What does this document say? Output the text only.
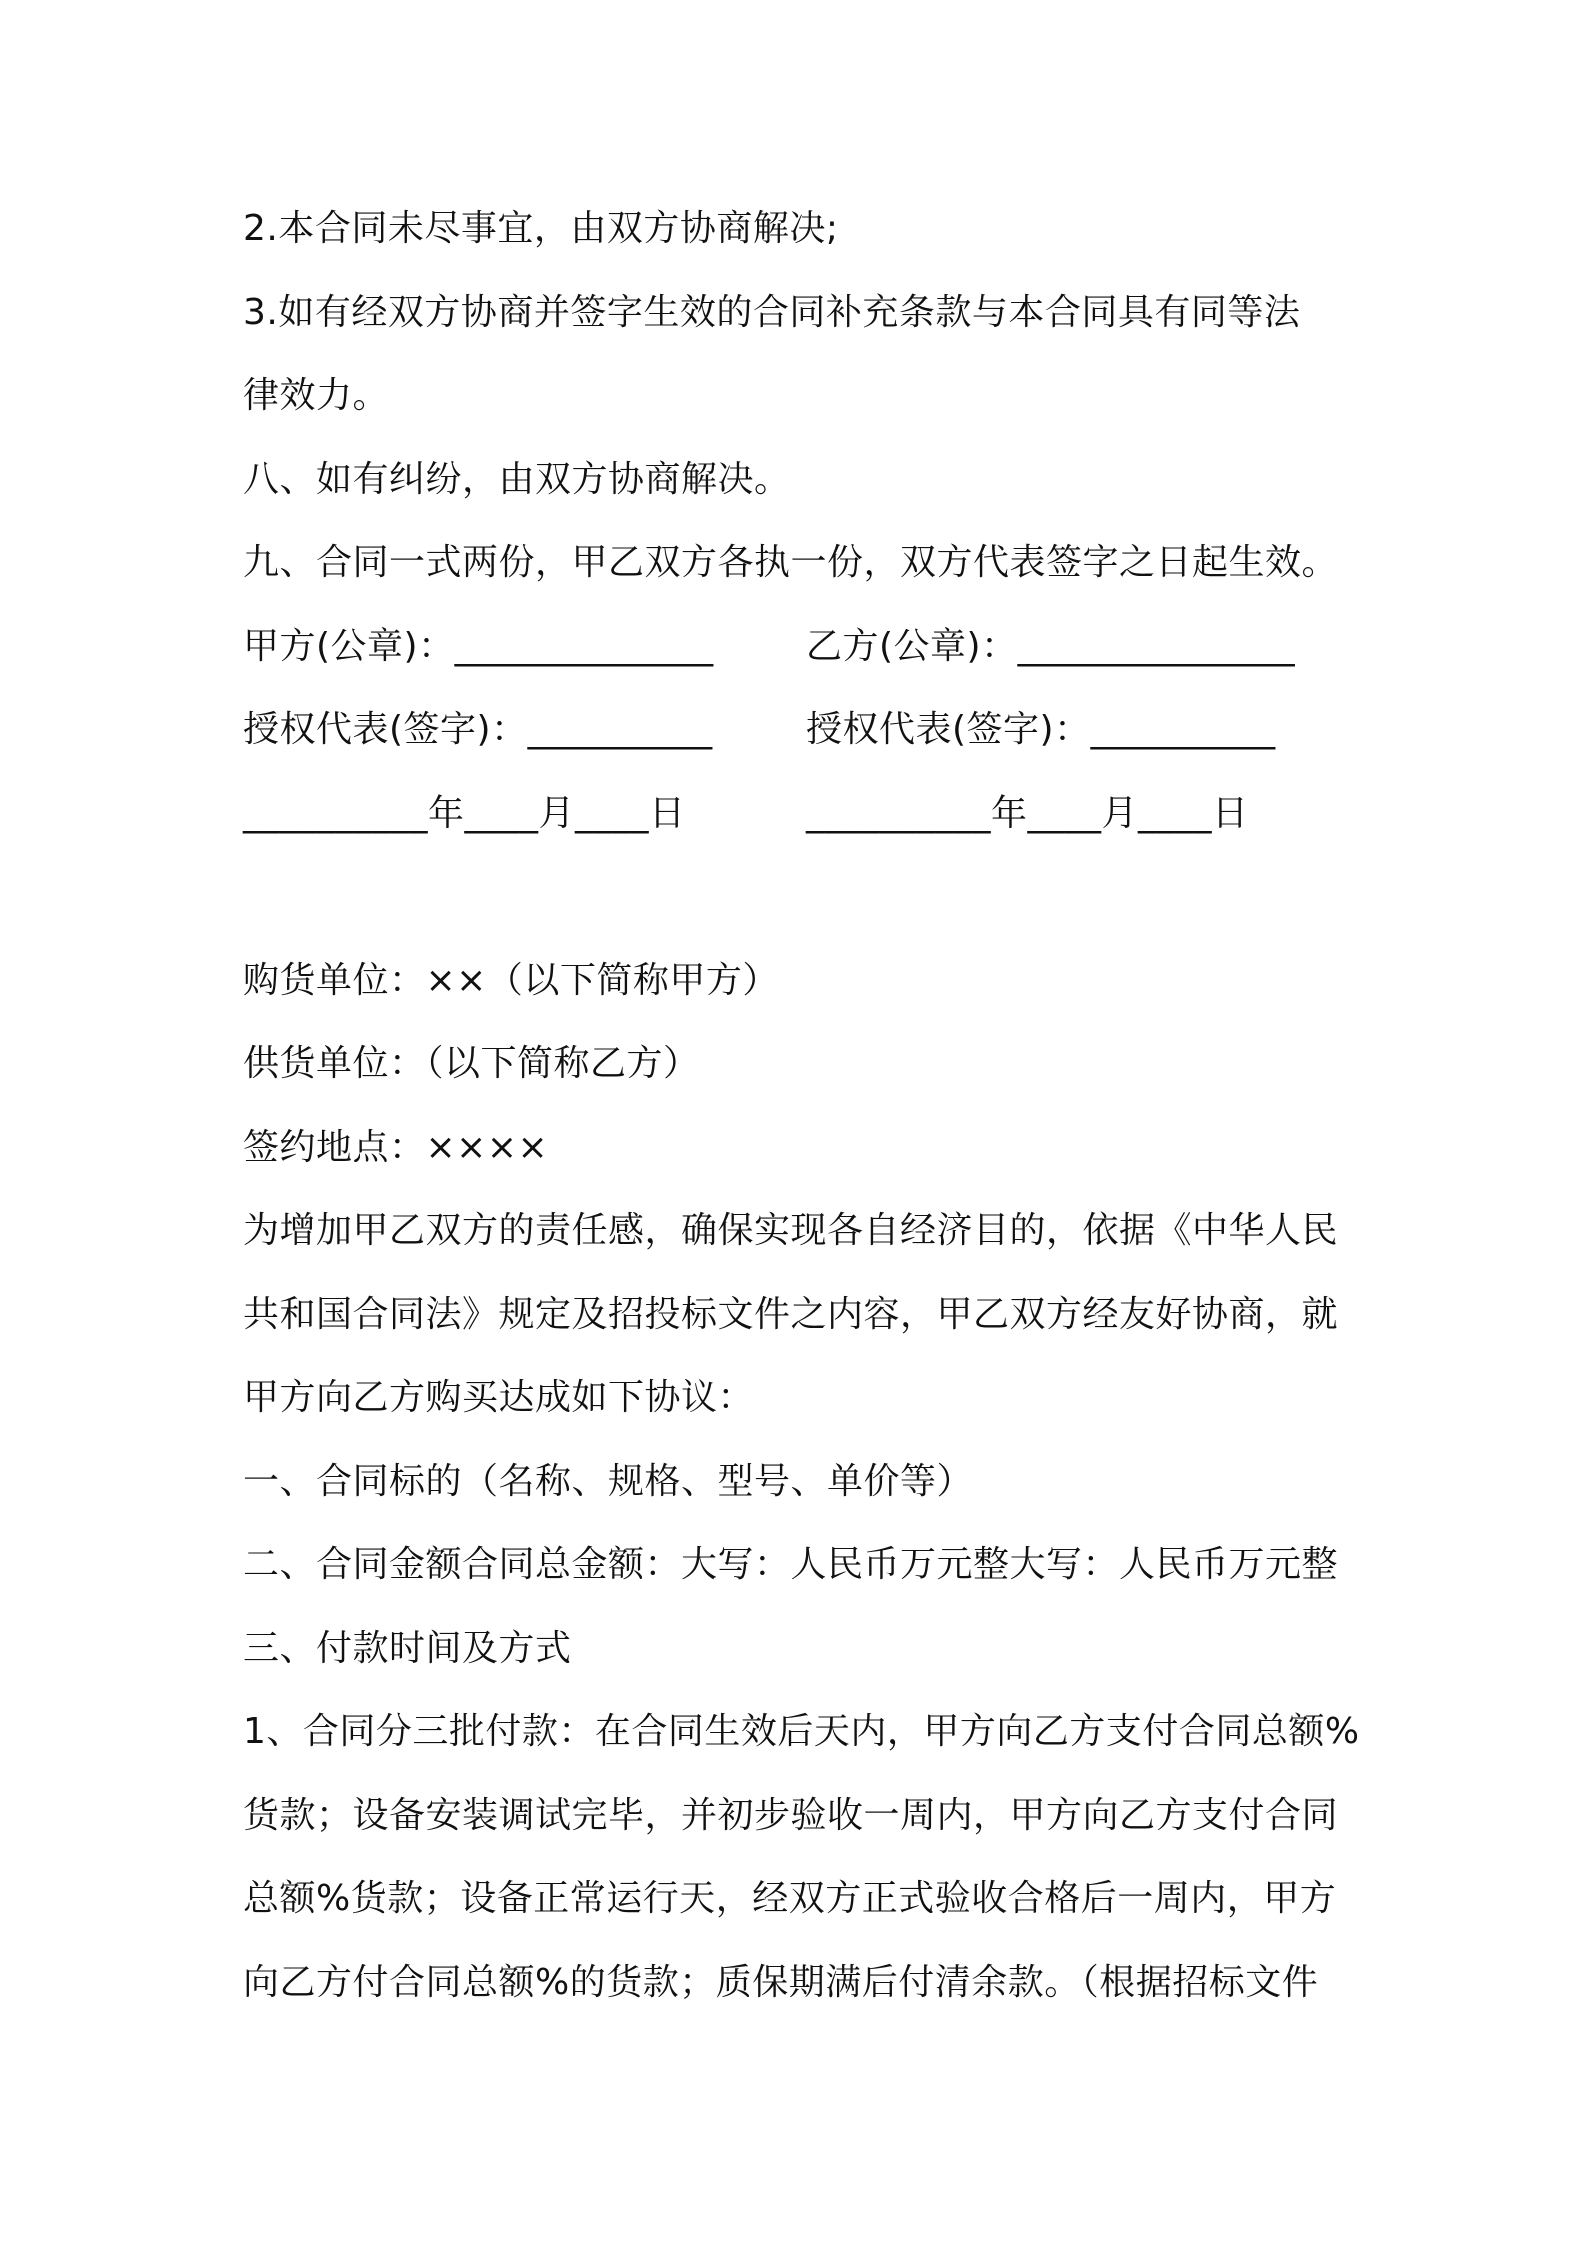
2.本合同未尽事宜，由双方协商解决;
3.如有经双方协商并签字生效的合同补充条款与本合同具有同等法
律效力。
八、如有纠纷，由双方协商解决。
九、合同一式两份，甲乙双方各执一份，双方代表签字之日起生效。
甲方(公章)：______________	乙方(公章)：_______________
授权代表(签字)：__________	授权代表(签字)：__________
__________年____月____日	__________年____月____日
购货单位：××（以下简称甲方）
供货单位：（以下简称乙方）
签约地点：××××
为增加甲乙双方的责任感，确保实现各自经济目的，依据《中华人民
共和国合同法》规定及招投标文件之内容，甲乙双方经友好协商，就
甲方向乙方购买达成如下协议：
一、合同标的（名称、规格、型号、单价等）
二、合同金额合同总金额：大写：人民币万元整大写：人民币万元整
三、付款时间及方式
1、合同分三批付款：在合同生效后天内，甲方向乙方支付合同总额%
货款；设备安装调试完毕，并初步验收一周内，甲方向乙方支付合同
总额%货款；设备正常运行天，经双方正式验收合格后一周内，甲方
向乙方付合同总额%的货款；质保期满后付清余款。（根据招标文件
